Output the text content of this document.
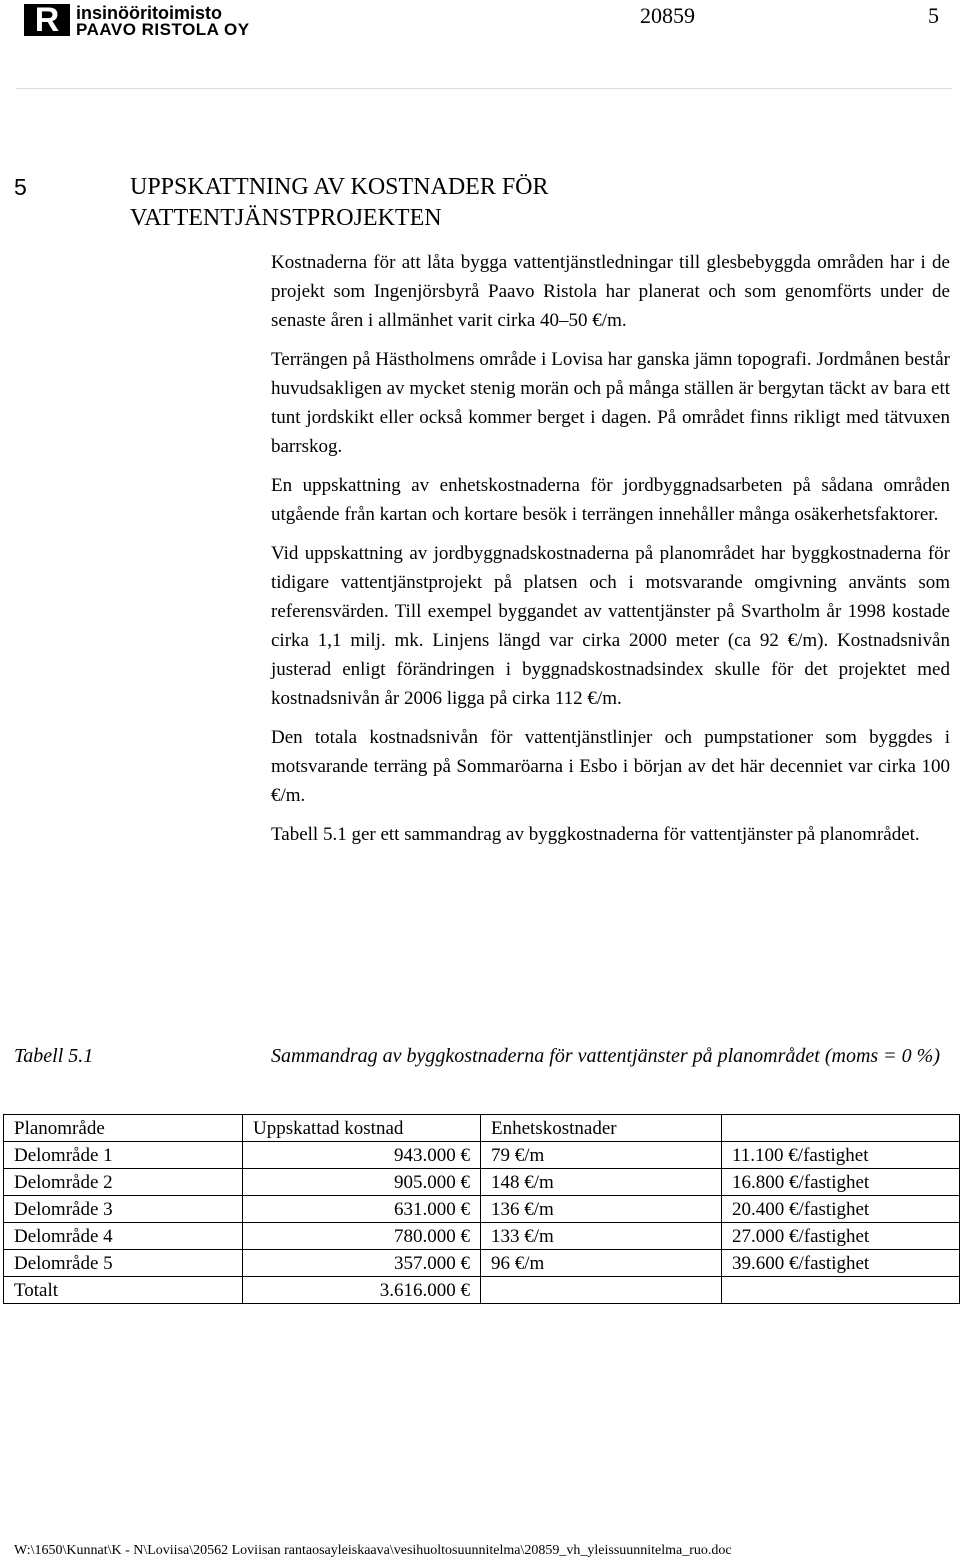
R insinööritoimisto
PAAVO RISTOLA OY
20859	5
5	UPPSKATTNING AV KOSTNADER FÖR
VATTENTJÄNSTPROJEKTEN

Kostnaderna för att låta bygga vattentjänstledningar till glesbebyggda områden har i de projekt som Ingenjörsbyrå Paavo Ristola har planerat och som genomförts under de senaste åren i allmänhet varit cirka 40–50 €/m.

Terrängen på Hästholmens område i Lovisa har ganska jämn topografi. Jordmånen består huvudsakligen av mycket stenig morän och på många ställen är bergytan täckt av bara ett tunt jordskikt eller också kommer berget i dagen. På området finns rikligt med tätvuxen barrskog.

En uppskattning av enhetskostnaderna för jordbyggnadsarbeten på sådana områden utgående från kartan och kortare besök i terrängen innehåller många osäkerhetsfaktorer.

Vid uppskattning av jordbyggnadskostnaderna på planområdet har byggkostnaderna för tidigare vattentjänstprojekt på platsen och i motsvarande omgivning använts som referensvärden. Till exempel byggandet av vattentjänster på Svartholm år 1998 kostade cirka 1,1 milj. mk. Linjens längd var cirka 2000 meter (ca 92 €/m). Kostnadsnivån justerad enligt förändringen i byggnadskostnadsindex skulle för det projektet med kostnadsnivån år 2006 ligga på cirka 112 €/m.

Den totala kostnadsnivån för vattentjänstlinjer och pumpstationer som byggdes i motsvarande terräng på Sommaröarna i Esbo i början av det här decenniet var cirka 100 €/m.

Tabell 5.1 ger ett sammandrag av byggkostnaderna för vattentjänster på planområdet.

Tabell 5.1	Sammandrag av byggkostnaderna för vattentjänster på planområdet (moms = 0 %)
Planområde	Uppskattad kostnad	Enhetskostnader	
Delområde 1	943.000 €	79 €/m	11.100 €/fastighet
Delområde 2	905.000 €	148 €/m	16.800 €/fastighet
Delområde 3	631.000 €	136 €/m	20.400 €/fastighet
Delområde 4	780.000 €	133 €/m	27.000 €/fastighet
Delområde 5	357.000 €	96 €/m	39.600 €/fastighet
Totalt	3.616.000 €		
W:\1650\Kunnat\K - N\Loviisa\20562 Loviisan rantaosayleiskaava\vesihuoltosuunnitelma\20859_vh_yleissuunnitelma_ruo.doc
